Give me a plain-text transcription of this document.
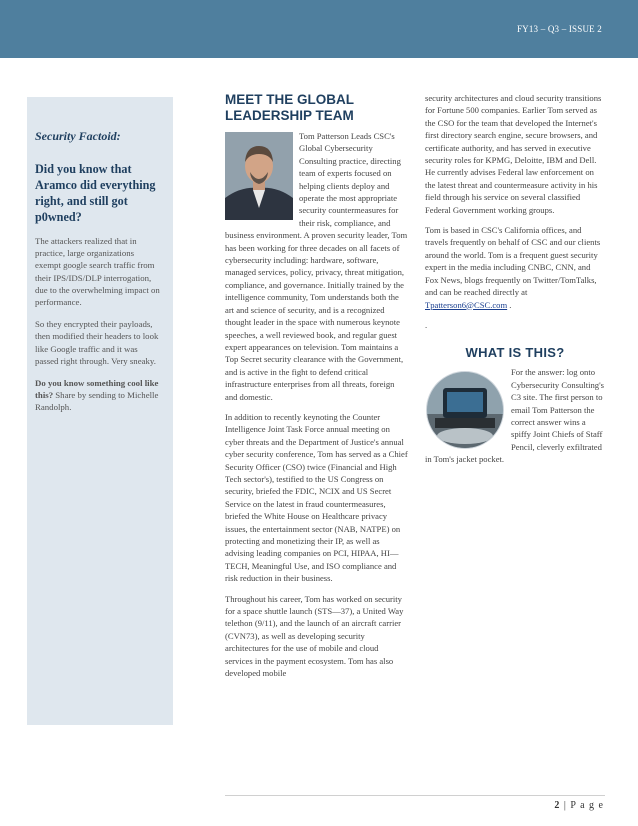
FY13 – Q3 – ISSUE 2

Security Factoid:

Did you know that Aramco did everything right, and still got p0wned?

The attackers realized that in practice, large organizations exempt google search traffic from their IPS/IDS/DLP interrogation, due to the overwhelming impact on performance.

So they encrypted their payloads, then modified their headers to look like Google traffic and it was passed right through. Very sneaky.

Do you know something cool like this? Share by sending to Michelle Randolph.

MEET THE GLOBAL LEADERSHIP TEAM

Tom Patterson Leads CSC's Global Cybersecurity Consulting practice, directing team of experts focused on helping clients deploy and operate the most appropriate security countermeasures for their risk, compliance, and business environment. A proven security leader, Tom has been working for three decades on all facets of cybersecurity including: hardware, software, managed services, policy, privacy, threat mitigation, compliance, and governance. Initially trained by the intelligence community, Tom understands both the art and science of security, and is a recognized thought leader in the space with numerous keynote speeches, a well reviewed book, and regular guest expert appearances on television. Tom maintains a Top Secret security clearance with the Government, and is active in the fight to defend critical infrastructure enterprises from all threats, foreign and domestic.

In addition to recently keynoting the Counter Intelligence Joint Task Force annual meeting on cyber threats and the Department of Justice's annual cyber security conference, Tom has served as a Chief Security Officer (CSO) twice (Financial and High Tech sector's), testified to the US Congress on security, briefed the FDIC, NCIX and US Secret Service on the latest in fraud countermeasures, briefed the White House on Healthcare privacy issues, the entertainment sector (NAB, NATPE) on protecting and monetizing their IP, as well as advising leading companies on PCI, HIPAA, HI—TECH, Meaningful Use, and ISO compliance and risk reduction in their business.

Throughout his career, Tom has worked on security for a space shuttle launch (STS—37), a United Way telethon (9/11), and the launch of an aircraft carrier (CVN73), as well as developing security architectures for the use of mobile and cloud services in the payment ecosystem. Tom has also developed mobile

security architectures and cloud security transitions for Fortune 500 companies. Earlier Tom served as the CSO for the team that developed the Internet's first directory search engine, secure browsers, and certificate authority, and has served in executive security roles for KPMG, Deloitte, IBM and Dell. He currently advises Federal law enforcement on the latest threat and countermeasure activity in his field through his service on several classified Federal Government working groups.

Tom is based in CSC's California offices, and travels frequently on behalf of CSC and our clients around the world. Tom is a frequent guest security expert in the media including CNBC, CNN, and Fox News, blogs frequently on Twitter/TomTalks, and can be reached directly at Tpatterson6@CSC.com .

.

WHAT IS THIS?

For the answer: log onto Cybersecurity Consulting's C3 site. The first person to email Tom Patterson the correct answer wins a spiffy Joint Chiefs of Staff Pencil, cleverly exfiltrated in Tom's jacket pocket.

2 | P a g e
